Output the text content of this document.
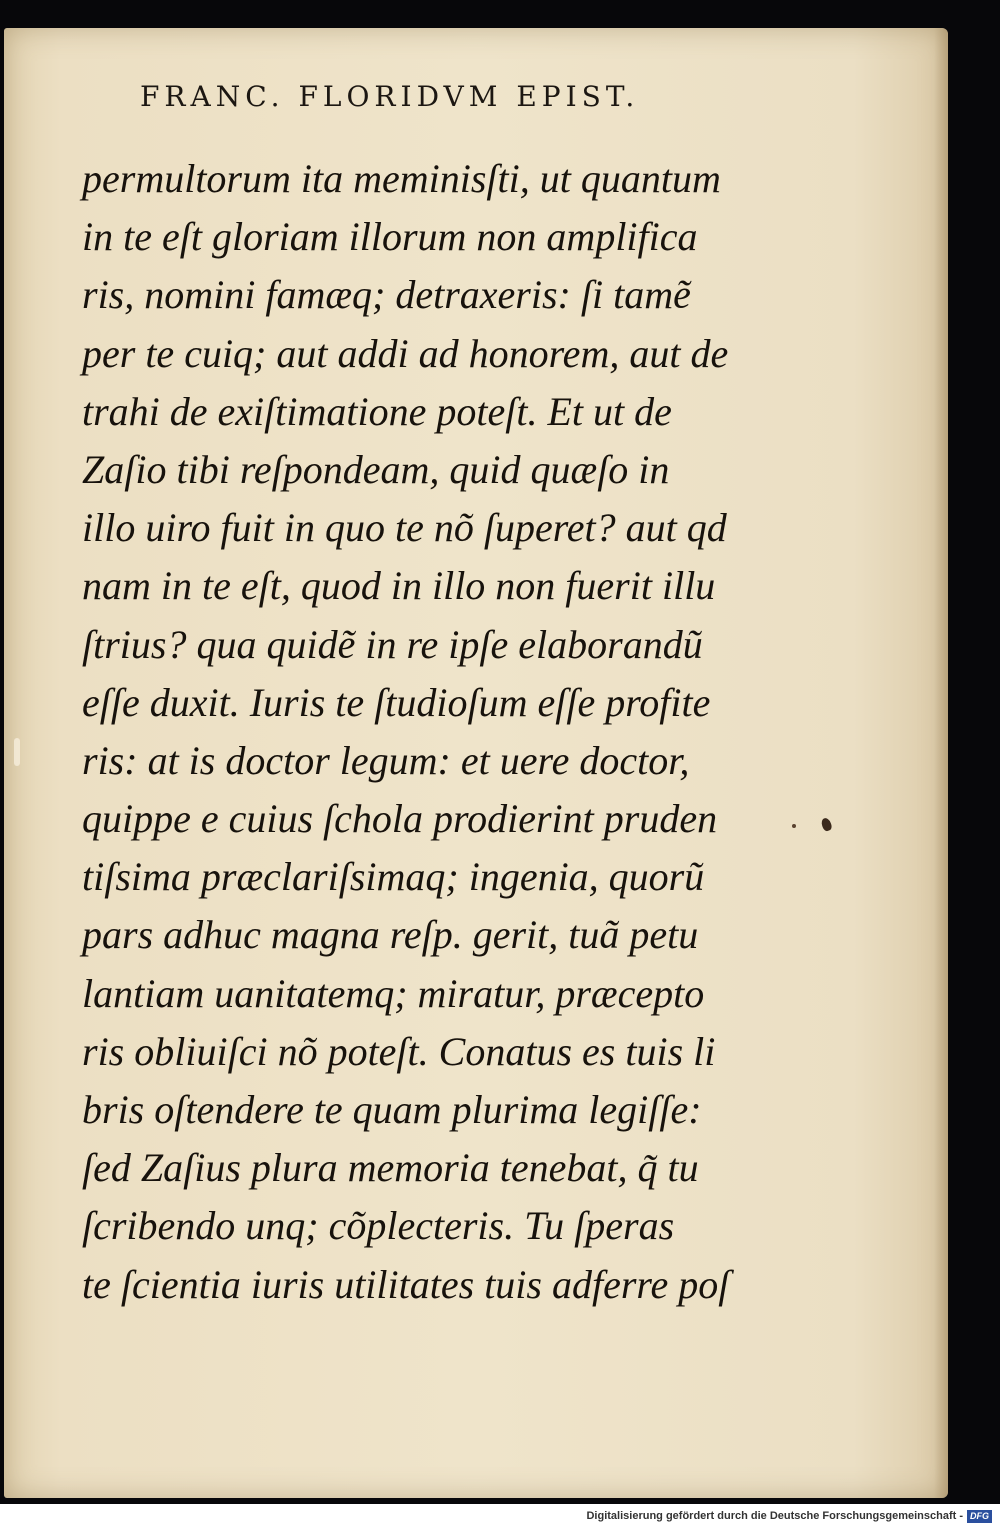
FRANC. FLORIDVM EPIST.
permultorum ita meminisſti, ut quantum
in te eſt gloriam illorum non amplifica
ris, nomini famæq; detraxeris: ſi tamẽ
per te cuiq; aut addi ad honorem, aut de
trahi de exiſtimatione poteſt. Et ut de
Zaſio tibi reſpondeam, quid quæſo in
illo uiro fuit in quo te nõ ſuperet? aut qd
nam in te eſt, quod in illo non fuerit illu
ſtrius? qua quidẽ in re ipſe elaborandũ
eſſe duxit. Iuris te ſtudioſum eſſe profite
ris: at is doctor legum: et uere doctor,
quippe e cuius ſchola prodierint pruden
tiſsima præclariſsimaq; ingenia, quorũ
pars adhuc magna reſp. gerit, tuã petu
lantiam uanitatemq; miratur, præcepto
ris obliuiſci nõ poteſt. Conatus es tuis li
bris oſtendere te quam plurima legiſſe:
ſed Zaſius plura memoria tenebat, q̃ tu
ſcribendo unq; cõplecteris. Tu ſperas
te ſcientia iuris utilitates tuis adferre poſ
Digitalisierung gefördert durch die Deutsche Forschungsgemeinschaft - DFG
